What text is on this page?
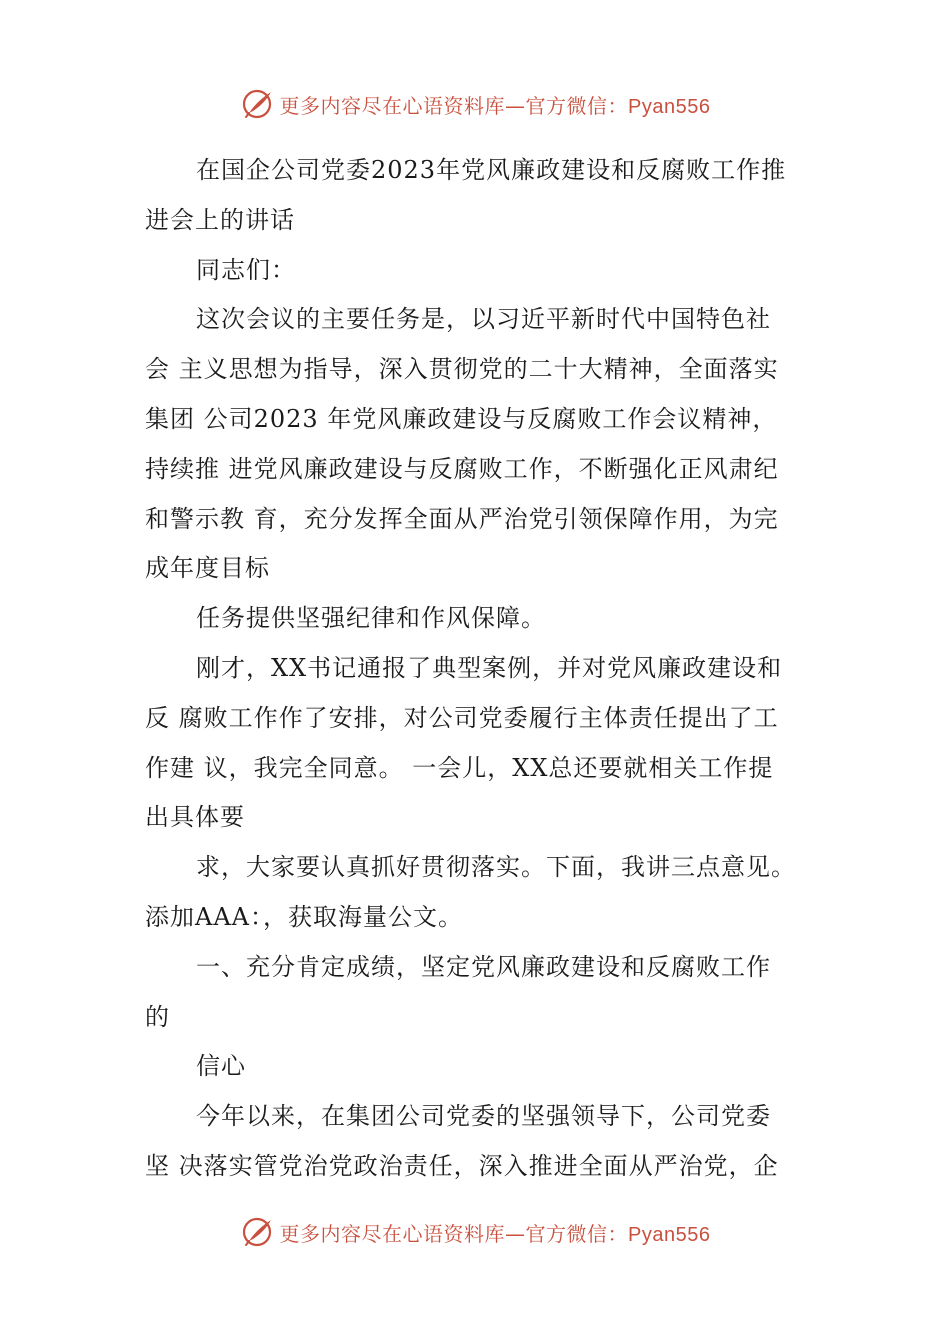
更多内容尽在心语资料库—官方微信：Pyan556
在国企公司党委2023年党风廉政建设和反腐败工作推
进会上的讲话
同志们：
这次会议的主要任务是，以习近平新时代中国特色社
会 主义思想为指导，深入贯彻党的二十大精神，全面落实
集团 公司2023 年党风廉政建设与反腐败工作会议精神，
持续推 进党风廉政建设与反腐败工作，不断强化正风肃纪
和警示教 育，充分发挥全面从严治党引领保障作用，为完
成年度目标
任务提供坚强纪律和作风保障。
刚才，XX书记通报了典型案例，并对党风廉政建设和
反 腐败工作作了安排，对公司党委履行主体责任提出了工
作建 议，我完全同意。 一会儿，XX总还要就相关工作提
出具体要
求，大家要认真抓好贯彻落实。下面，我讲三点意见。
添加AAA：，获取海量公文。
一、充分肯定成绩，坚定党风廉政建设和反腐败工作
的
信心
今年以来，在集团公司党委的坚强领导下，公司党委
坚 决落实管党治党政治责任，深入推进全面从严治党，企
更多内容尽在心语资料库—官方微信：Pyan556
